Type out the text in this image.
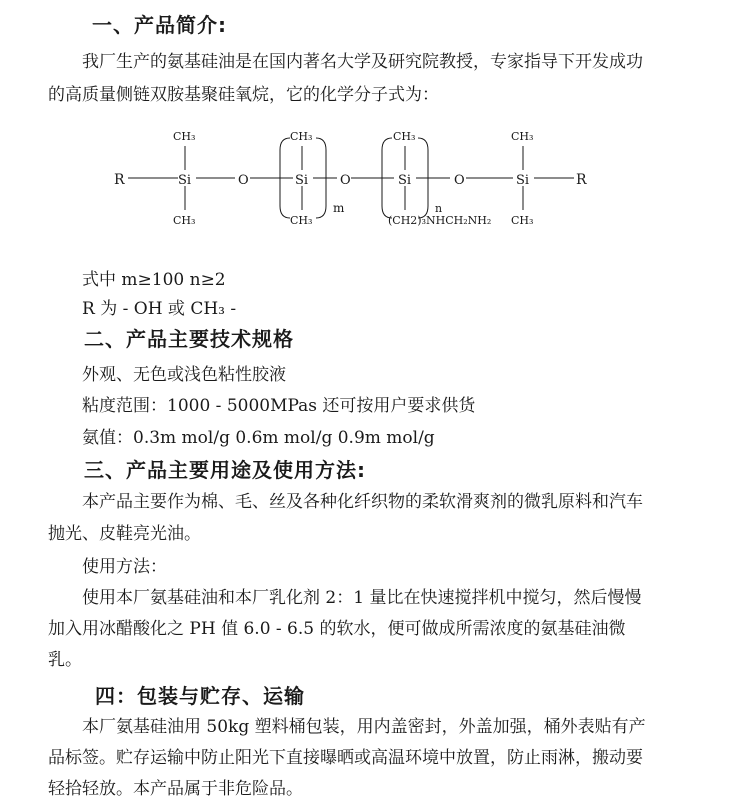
一、产品简介:
我厂生产的氨基硅油是在国内著名大学及研究院教授，专家指导下开发成功
的高质量侧链双胺基聚硅氧烷，它的化学分子式为：
R	Si
CH₃
CH₃
O	Si
CH₃
CH₃
m
O	Si
CH₃
n
(CH2)₃NHCH₂NH₂
O	Si
CH₃
CH₃
R
式中 m≥100 n≥2
R 为 - OH 或 CH₃ -
二、产品主要技术规格
外观、无色或浅色粘性胶液
粘度范围：1000 - 5000MPas 还可按用户要求供货
氨值：0.3m mol/g 0.6m mol/g 0.9m mol/g
三、产品主要用途及使用方法:
本产品主要作为棉、毛、丝及各种化纤织物的柔软滑爽剂的微乳原料和汽车
抛光、皮鞋亮光油。
使用方法：
使用本厂氨基硅油和本厂乳化剂 2：1 量比在快速搅拌机中搅匀，然后慢慢
加入用冰醋酸化之 PH 值 6.0 - 6.5 的软水，便可做成所需浓度的氨基硅油微
乳。
四：包装与贮存、运输
本厂氨基硅油用 50kg 塑料桶包装，用内盖密封，外盖加强，桶外表贴有产
品标签。贮存运输中防止阳光下直接曝晒或高温环境中放置，防止雨淋，搬动要
轻拾轻放。本产品属于非危险品。
